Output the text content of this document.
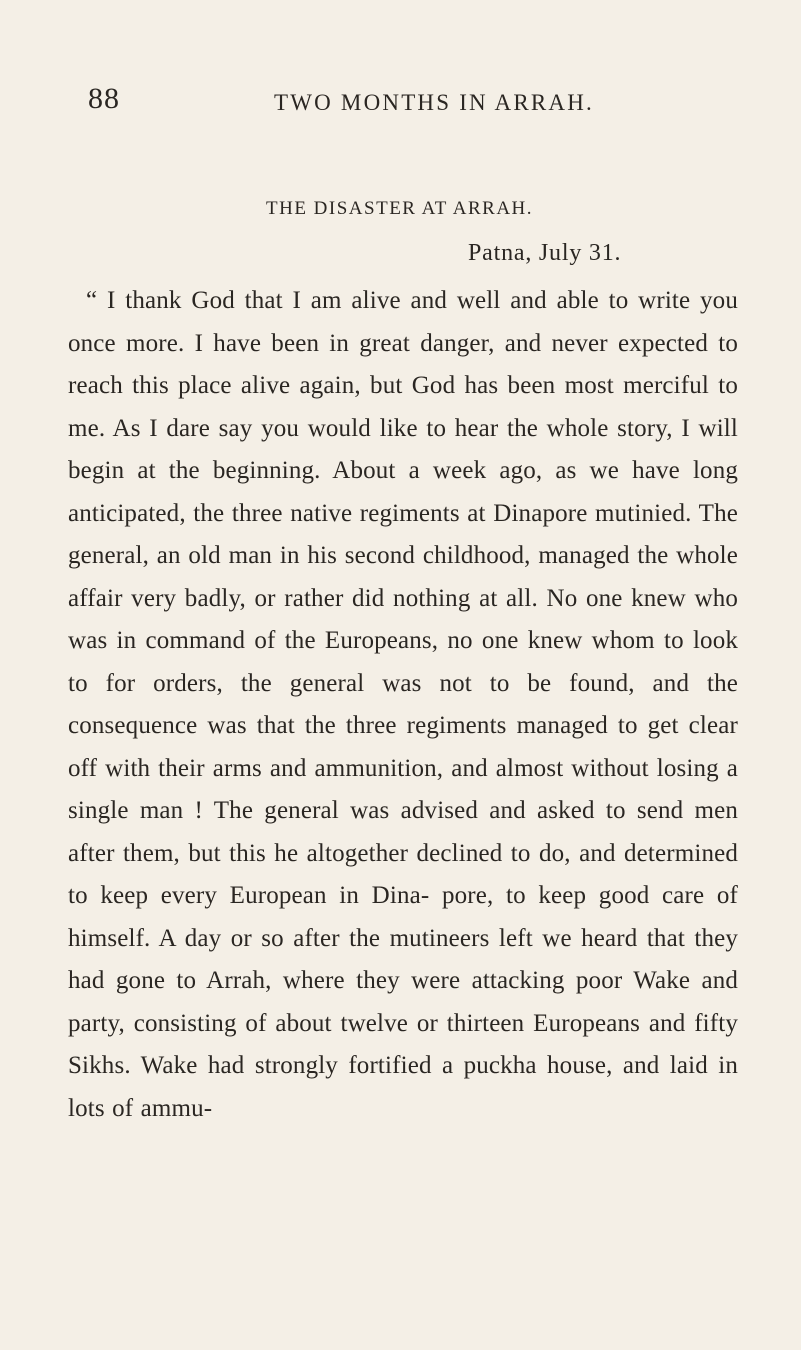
88	TWO MONTHS IN ARRAH.
THE DISASTER AT ARRAH.
Patna, July 31.

“ I thank God that I am alive and well and able to write you once more. I have been in great danger, and never expected to reach this place alive again, but God has been most merciful to me. As I dare say you would like to hear the whole story, I will begin at the beginning. About a week ago, as we have long anticipated, the three native regiments at Dinapore mutinied. The general, an old man in his second childhood, managed the whole affair very badly, or rather did nothing at all. No one knew who was in command of the Europeans, no one knew whom to look to for orders, the general was not to be found, and the consequence was that the three regiments managed to get clear off with their arms and ammunition, and almost without losing a single man ! The general was advised and asked to send men after them, but this he altogether declined to do, and determined to keep every European in Dina- pore, to keep good care of himself. A day or so after the mutineers left we heard that they had gone to Arrah, where they were attacking poor Wake and party, consisting of about twelve or thirteen Europeans and fifty Sikhs. Wake had strongly fortified a puckha house, and laid in lots of ammu-
